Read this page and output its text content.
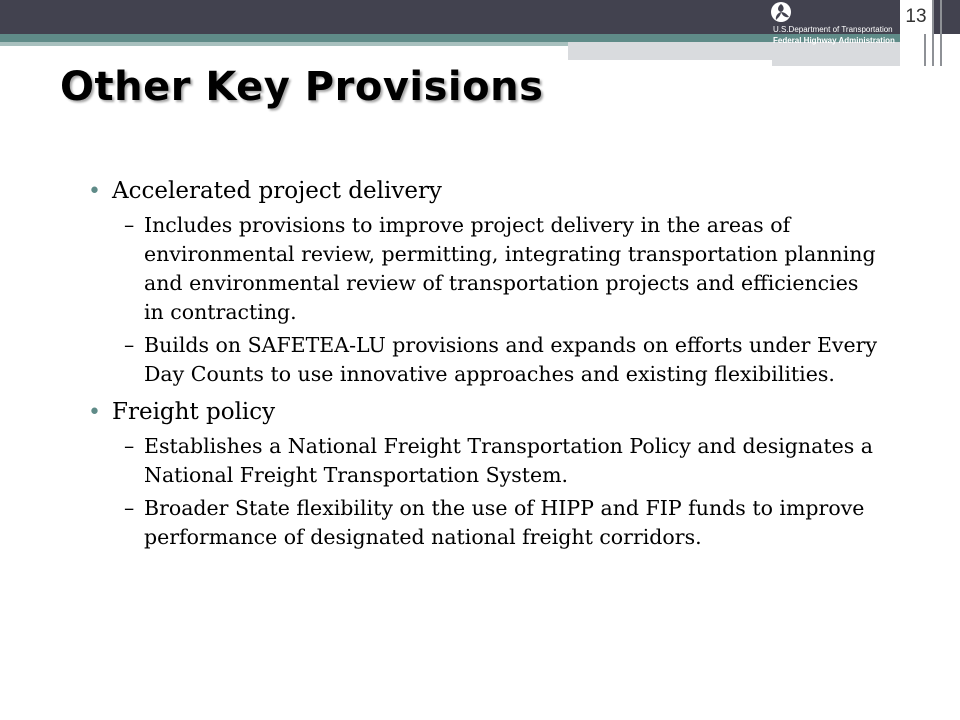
U.S.Department of Transportation
Federal Highway Administration
13
Other Key Provisions
• Accelerated project delivery
– Includes provisions to improve project delivery in the areas of environmental review, permitting, integrating transportation planning and environmental review of transportation projects and efficiencies in contracting.
– Builds on SAFETEA-LU provisions and expands on efforts under Every Day Counts to use innovative approaches and existing flexibilities.
• Freight policy
– Establishes a National Freight Transportation Policy and designates a National Freight Transportation System.
– Broader State flexibility on the use of HIPP and FIP funds to improve performance of designated national freight corridors.
